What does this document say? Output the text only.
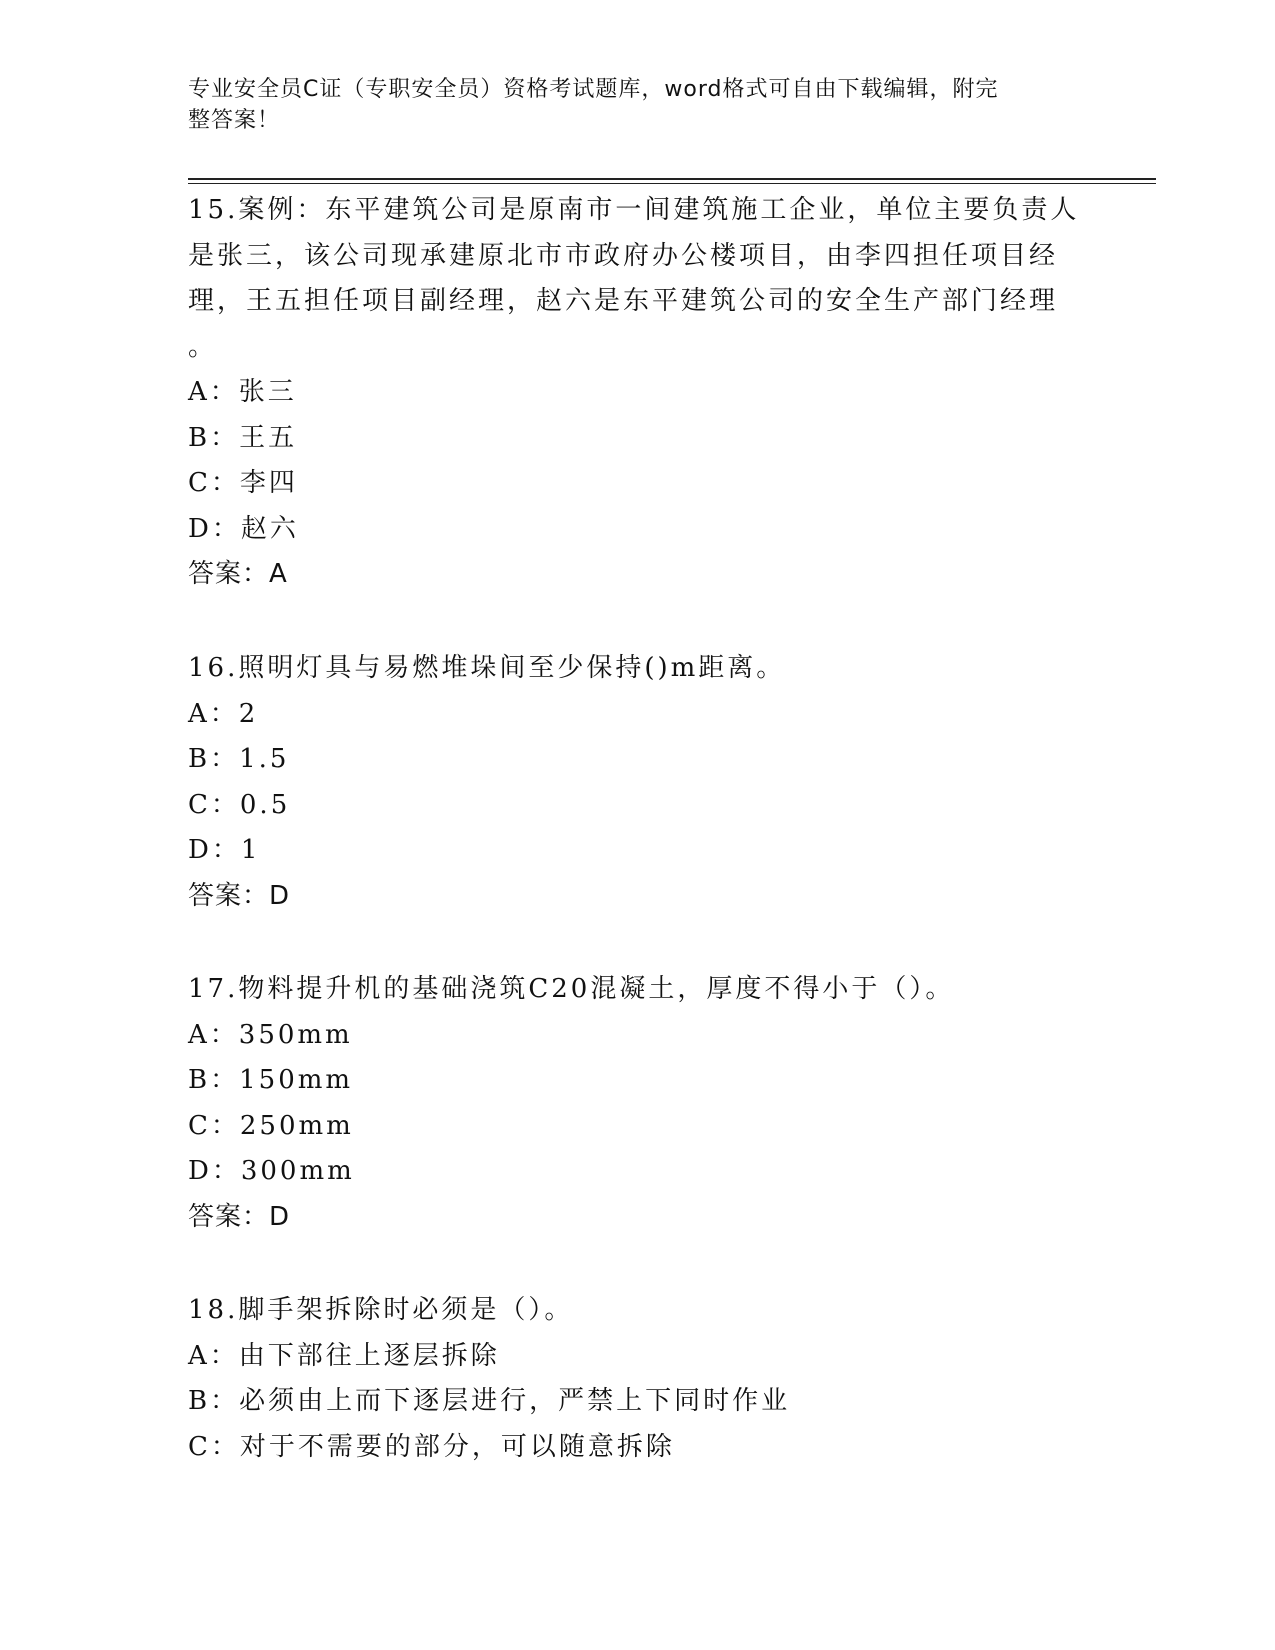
专业安全员C证（专职安全员）资格考试题库，word格式可自由下载编辑，附完
整答案！

15.案例：东平建筑公司是原南市一间建筑施工企业，单位主要负责人

是张三，该公司现承建原北市市政府办公楼项目，由李四担任项目经

理，王五担任项目副经理，赵六是东平建筑公司的安全生产部门经理

。

A：张三

B：王五

C：李四

D：赵六

答案：A

16.照明灯具与易燃堆垛间至少保持()m距离。

A：2

B：1.5

C：0.5

D：1

答案：D

17.物料提升机的基础浇筑C20混凝土，厚度不得小于（）。

A：350mm

B：150mm

C：250mm

D：300mm

答案：D

18.脚手架拆除时必须是（）。

A：由下部往上逐层拆除

B：必须由上而下逐层进行，严禁上下同时作业

C：对于不需要的部分，可以随意拆除
